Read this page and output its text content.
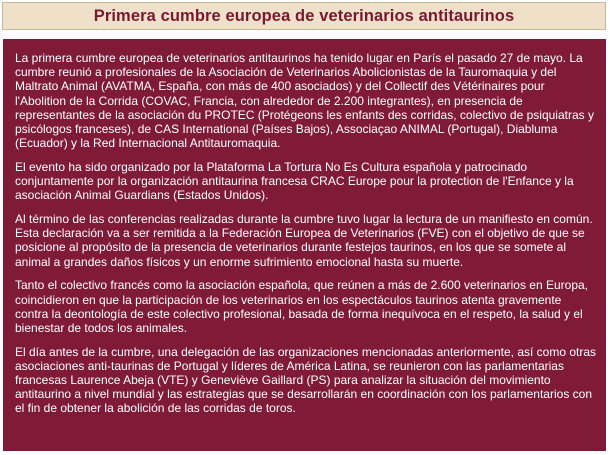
Primera cumbre europea de veterinarios antitaurinos

La primera cumbre europea de veterinarios antitaurinos ha tenido lugar en París el pasado 27 de mayo. La cumbre reunió a profesionales de la Asociación de Veterinarios Abolicionistas de la Tauromaquia y del Maltrato Animal (AVATMA, España, con más de 400 asociados) y del Collectif des Vétérinaires pour l'Abolition de la Corrida (COVAC, Francia, con alrededor de 2.200 integrantes), en presencia de representantes de la asociación du PROTEC (Protégeons les enfants des corridas, colectivo de psiquiatras y psicólogos franceses), de CAS International (Países Bajos), Associaçao ANIMAL (Portugal), Diabluma (Ecuador) y la Red Internacional Antitauromaquia.

El evento ha sido organizado por la Plataforma La Tortura No Es Cultura española y patrocinado conjuntamente por la organización antitaurina francesa CRAC Europe pour la protection de l'Enfance y la asociación Animal Guardians (Estados Unidos).

Al término de las conferencias realizadas durante la cumbre tuvo lugar la lectura de un manifiesto en común. Esta declaración va a ser remitida a la Federación Europea de Veterinarios (FVE) con el objetivo de que se posicione al propósito de la presencia de veterinarios durante festejos taurinos, en los que se somete al animal a grandes daños físicos y un enorme sufrimiento emocional hasta su muerte.

Tanto el colectivo francés como la asociación española, que reúnen a más de 2.600 veterinarios en Europa, coincidieron en que la participación de los veterinarios en los espectáculos taurinos atenta gravemente contra la deontología de este colectivo profesional, basada de forma inequívoca en el respeto, la salud y el bienestar de todos los animales.

El día antes de la cumbre, una delegación de las organizaciones mencionadas anteriormente, así como otras asociaciones anti-taurinas de Portugal y líderes de América Latina, se reunieron con las parlamentarias francesas Laurence Abeja (VTE) y Geneviève Gaillard (PS) para analizar la situación del movimiento antitaurino a nivel mundial y las estrategias que se desarrollarán en coordinación con los parlamentarios con el fin de obtener la abolición de las corridas de toros.
